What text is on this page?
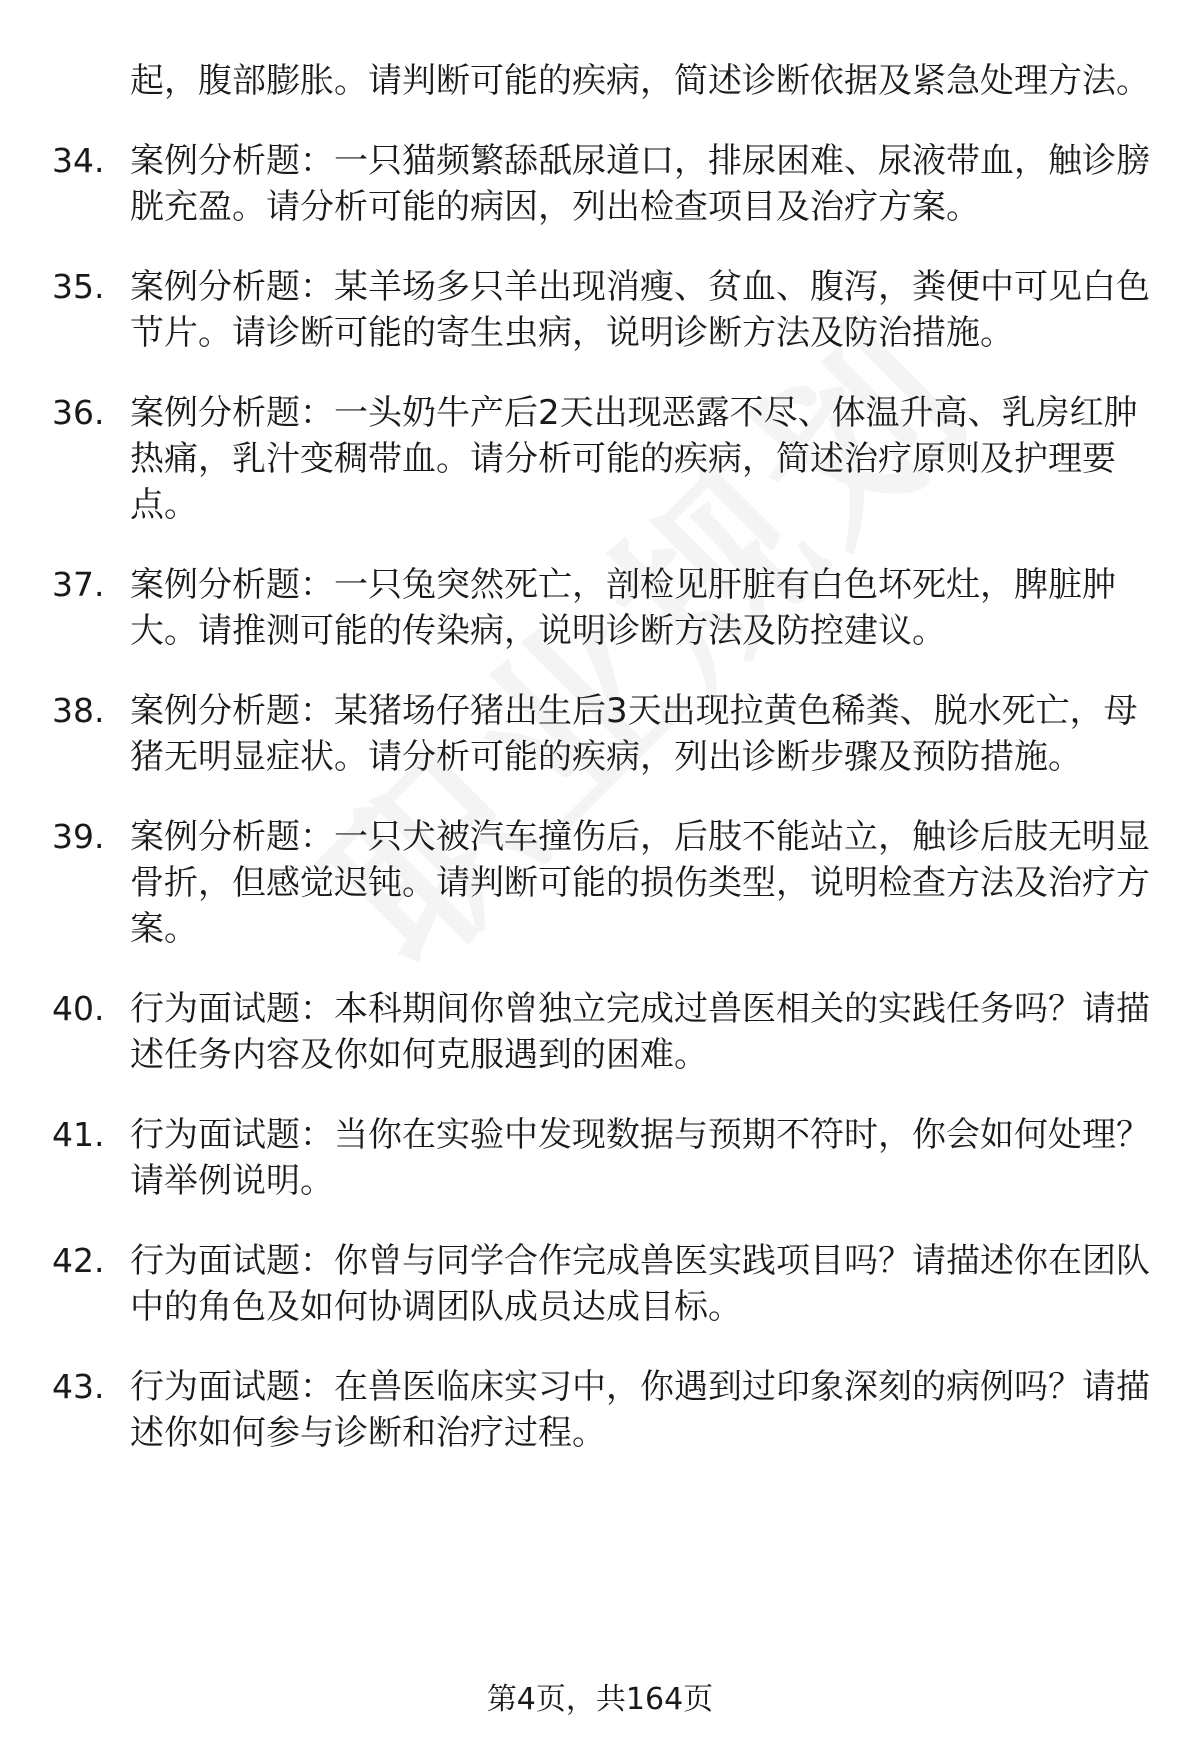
起，腹部膨胀。请判断可能的疾病，简述诊断依据及紧急处理方法。
34. 案例分析题：一只猫频繁舔舐尿道口，排尿困难、尿液带血，触诊膀胱充盈。请分析可能的病因，列出检查项目及治疗方案。
35. 案例分析题：某羊场多只羊出现消瘦、贫血、腹泻，粪便中可见白色节片。请诊断可能的寄生虫病，说明诊断方法及防治措施。
36. 案例分析题：一头奶牛产后2天出现恶露不尽、体温升高、乳房红肿热痛，乳汁变稠带血。请分析可能的疾病，简述治疗原则及护理要点。
37. 案例分析题：一只兔突然死亡，剖检见肝脏有白色坏死灶，脾脏肿大。请推测可能的传染病，说明诊断方法及防控建议。
38. 案例分析题：某猪场仔猪出生后3天出现拉黄色稀粪、脱水死亡，母猪无明显症状。请分析可能的疾病，列出诊断步骤及预防措施。
39. 案例分析题：一只犬被汽车撞伤后，后肢不能站立，触诊后肢无明显骨折，但感觉迟钝。请判断可能的损伤类型，说明检查方法及治疗方案。
40. 行为面试题：本科期间你曾独立完成过兽医相关的实践任务吗？请描述任务内容及你如何克服遇到的困难。
41. 行为面试题：当你在实验中发现数据与预期不符时，你会如何处理？请举例说明。
42. 行为面试题：你曾与同学合作完成兽医实践项目吗？请描述你在团队中的角色及如何协调团队成员达成目标。
43. 行为面试题：在兽医临床实习中，你遇到过印象深刻的病例吗？请描述你如何参与诊断和治疗过程。
第4页，共164页
